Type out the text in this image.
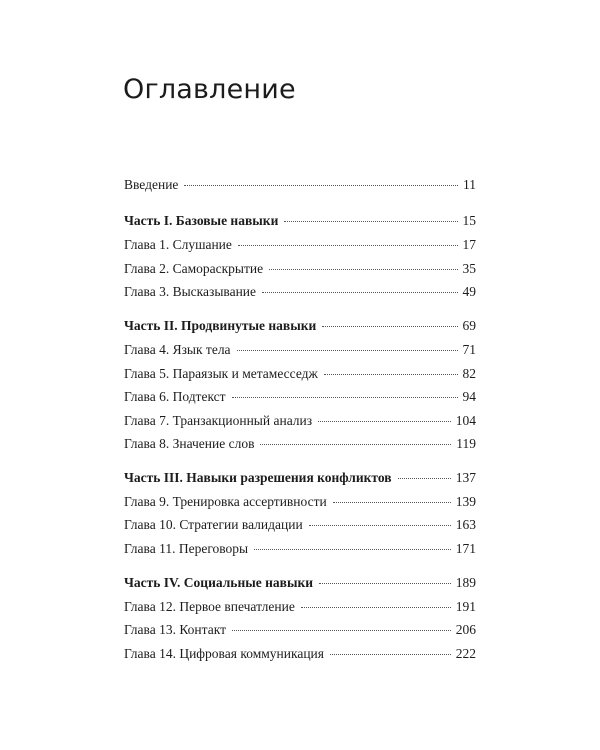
Оглавление
Введение	11
Часть I. Базовые навыки	15
Глава 1. Слушание	17
Глава 2. Самораскрытие	35
Глава 3. Высказывание	49
Часть II. Продвинутые навыки	69
Глава 4. Язык тела	71
Глава 5. Параязык и метамесседж	82
Глава 6. Подтекст	94
Глава 7. Транзакционный анализ	104
Глава 8. Значение слов	119
Часть III. Навыки разрешения конфликтов	137
Глава 9. Тренировка ассертивности	139
Глава 10. Стратегии валидации	163
Глава 11. Переговоры	171
Часть IV. Социальные навыки	189
Глава 12. Первое впечатление	191
Глава 13. Контакт	206
Глава 14. Цифровая коммуникация	222
